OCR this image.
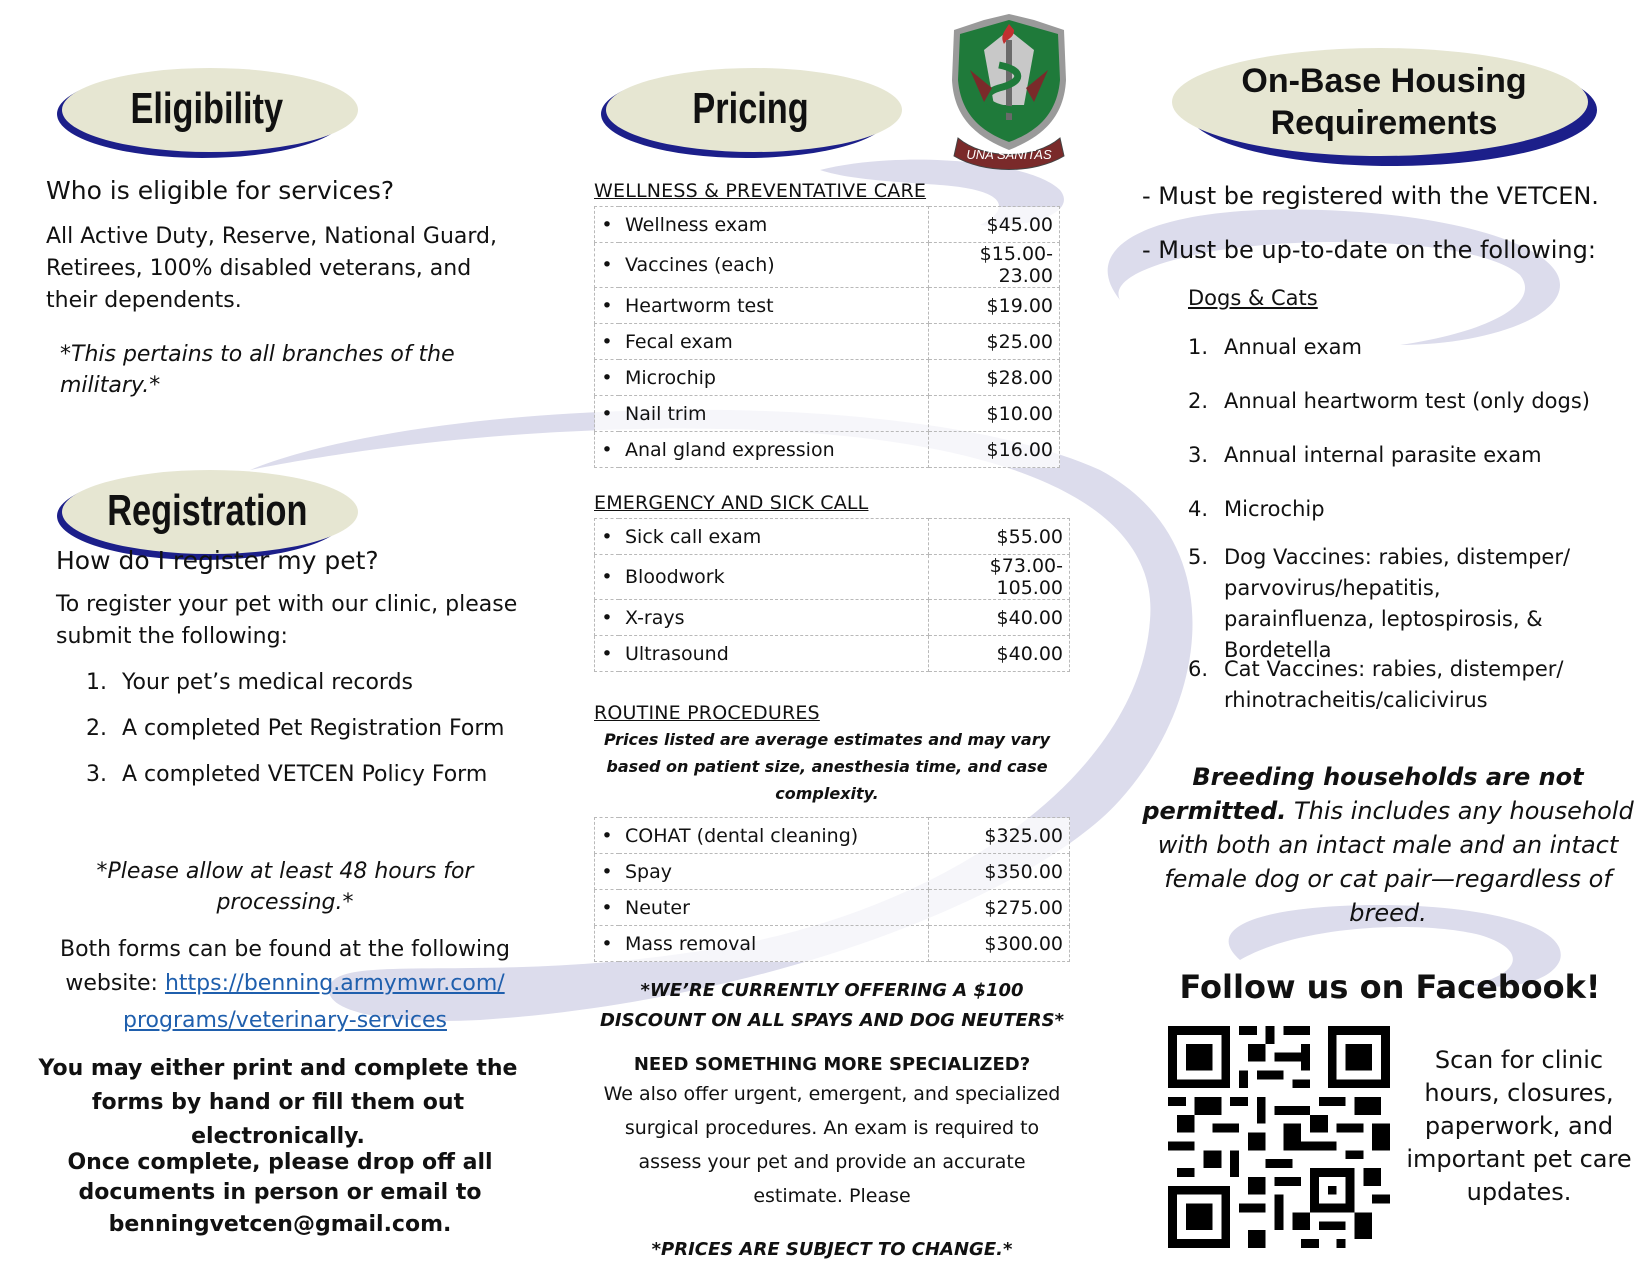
Eligibility

Who is eligible for services?

All Active Duty, Reserve, National Guard, Retirees, 100% disabled veterans, and their dependents.

*This pertains to all branches of the military.*

Registration

How do I register my pet?

To register your pet with our clinic, please submit the following:

1. Your pet’s medical records
2. A completed Pet Registration Form
3. A completed VETCEN Policy Form

*Please allow at least 48 hours for processing.*

Both forms can be found at the following

website: https://benning.armymwr.com/

programs/veterinary-services

You may either print and complete the forms by hand or fill them out electronically.

Once complete, please drop off all documents in person or email to

benningvetcen@gmail.com.

Pricing
UNA SANITAS
WELLNESS & PREVENTATIVE CARE
•	Wellness exam	$45.00
•	Vaccines (each)	$15.00-23.00
•	Heartworm test	$19.00
•	Fecal exam	$25.00
•	Microchip	$28.00
•	Nail trim	$10.00
•	Anal gland expression	$16.00
EMERGENCY AND SICK CALL
•	Sick call exam	$55.00
•	Bloodwork	$73.00-105.00
•	X-rays	$40.00
•	Ultrasound	$40.00
ROUTINE PROCEDURES

Prices listed are average estimates and may vary based on patient size, anesthesia time, and case complexity.

•	COHAT (dental cleaning)	$325.00
•	Spay	$350.00
•	Neuter	$275.00
•	Mass removal	$300.00

*WE’RE CURRENTLY OFFERING A $100 DISCOUNT ON ALL SPAYS AND DOG NEUTERS*

NEED SOMETHING MORE SPECIALIZED?

We also offer urgent, emergent, and specialized surgical procedures. An exam is required to assess your pet and provide an accurate estimate. Please

*PRICES ARE SUBJECT TO CHANGE.*

On-Base Housing
Requirements

- Must be registered with the VETCEN.

- Must be up-to-date on the following:

Dogs & Cats

1. Annual exam
2. Annual heartworm test (only dogs)
3. Annual internal parasite exam
4. Microchip
5. Dog Vaccines: rabies, distemper/ parvovirus/hepatitis, parainfluenza, leptospirosis, & Bordetella
6. Cat Vaccines: rabies, distemper/ rhinotracheitis/calicivirus
Breeding households are not permitted. This includes any household with both an intact male and an intact female dog or cat pair—regardless of breed.
Follow us on Facebook!
Scan for clinic hours, closures, paperwork, and important pet care updates.
